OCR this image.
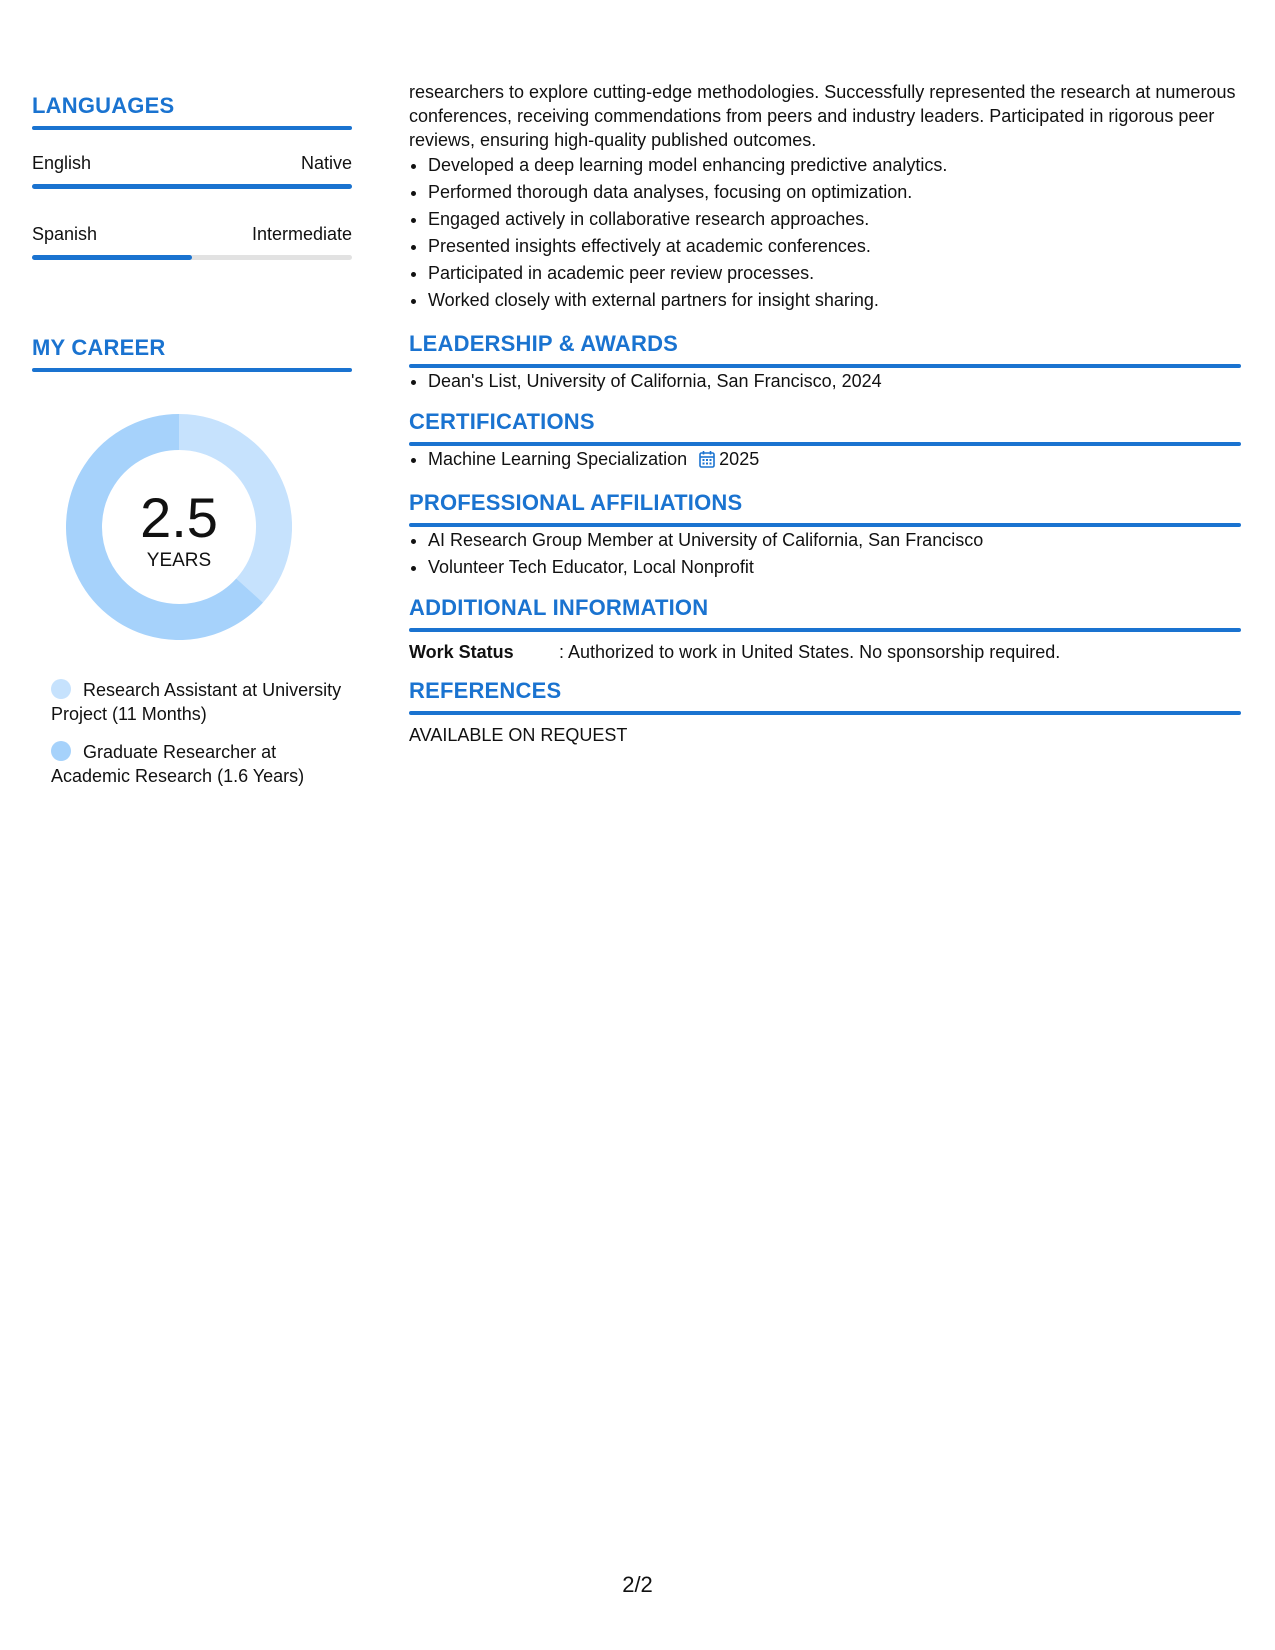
LANGUAGES
English	Native
Spanish	Intermediate
MY CAREER
2.5
YEARS
Research Assistant at University Project (11 Months)
Graduate Researcher at Academic Research (1.6 Years)

researchers to explore cutting-edge methodologies. Successfully represented the research at numerous conferences, receiving commendations from peers and industry leaders. Participated in rigorous peer reviews, ensuring high-quality published outcomes.

• Developed a deep learning model enhancing predictive analytics.
• Performed thorough data analyses, focusing on optimization.
• Engaged actively in collaborative research approaches.
• Presented insights effectively at academic conferences.
• Participated in academic peer review processes.
• Worked closely with external partners for insight sharing.
LEADERSHIP & AWARDS
• Dean's List, University of California, San Francisco, 2024
CERTIFICATIONS
• Machine Learning Specialization 2025
PROFESSIONAL AFFILIATIONS
• AI Research Group Member at University of California, San Francisco
• Volunteer Tech Educator, Local Nonprofit
ADDITIONAL INFORMATION
Work Status	: Authorized to work in United States. No sponsorship required.
REFERENCES
AVAILABLE ON REQUEST
2/2
